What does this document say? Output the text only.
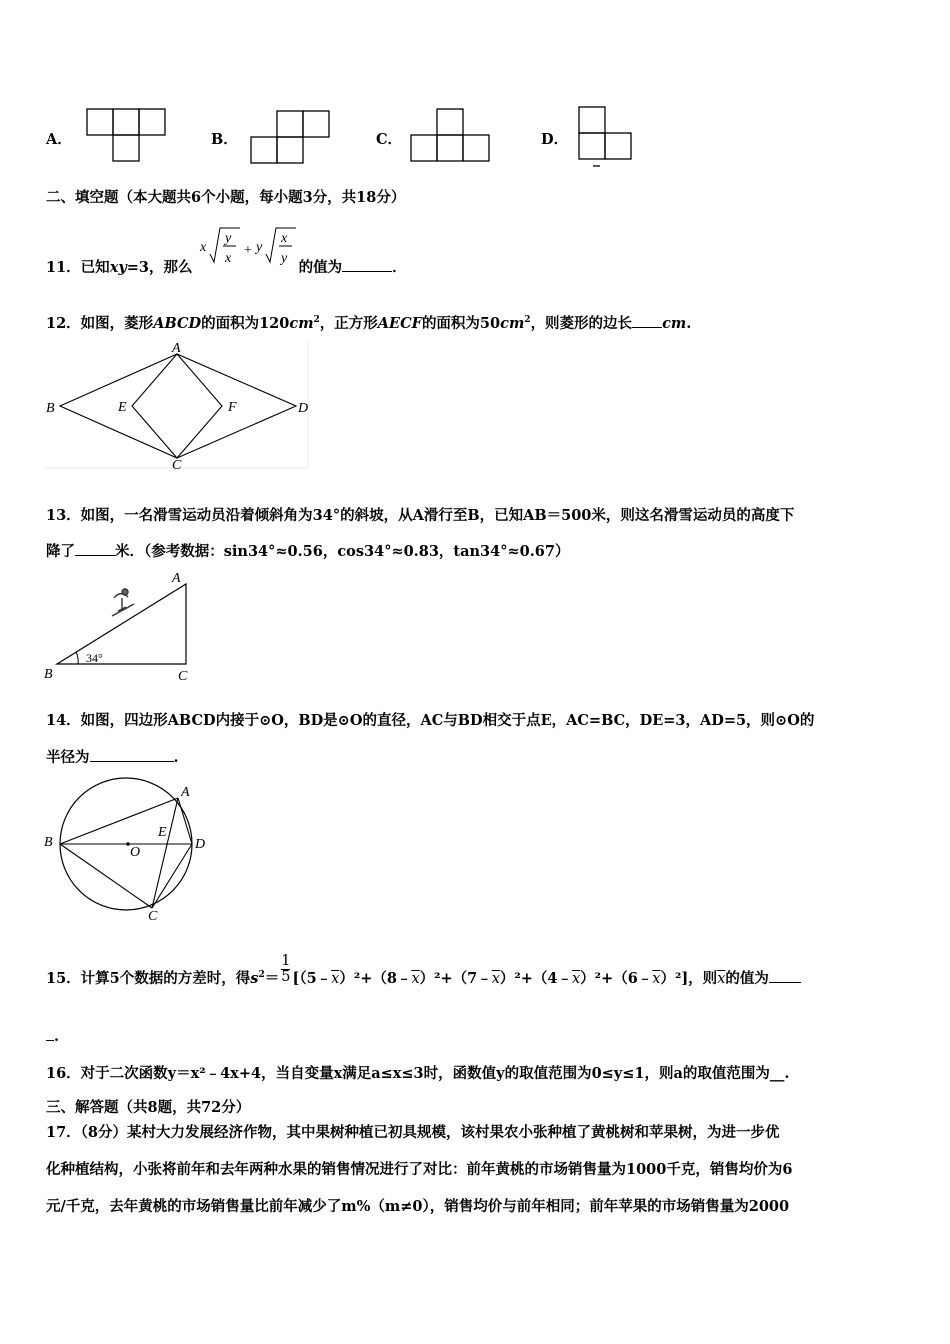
A．	B．	C．	D．
二、填空题（本大题共6个小题，每小题3分，共18分）
11．已知xy=3，那么
x
y
x
+ y
x
y
的值为	．
12．如图，菱形ABCD的面积为$120cm^2$，正方形AECF的面积为$50cm^2$，则菱形的边长 cm.
A
B
C
D
E	F
13．如图，一名滑雪运动员沿着倾斜角为34°的斜坡，从A滑行至B，已知AB＝500米，则这名滑雪运动员的高度下
降了	米．（参考数据：sin34°≈0.56，cos34°≈0.83，tan34°≈0.67）
A
B	C
34°
14．如图，四边形ABCD内接于⊙O，BD是⊙O的直径，AC与BD相交于点E，AC=BC，DE=3，AD=5，则⊙O的
半径为	.
A
B
C
D
E
O
15．计算5个数据的方差时，得$s^2= \frac{1}{5}$ $[(5﹣\overline{x})^2+(8﹣\overline{x})^2+(7﹣\overline{x})^2+(4﹣\overline{x})^2+(6﹣\overline{x})^2]$，则$\overline{x}$的值为
.
16．对于二次函数y＝x²﹣4x+4，当自变量x满足a≤x≤3时，函数值y的取值范围为0≤y≤1，则a的取值范围为__.
三、解答题（共8题，共72分）
17．（8分）某村大力发展经济作物，其中果树种植已初具规模，该村果农小张种植了黄桃树和苹果树，为进一步优
化种植结构，小张将前年和去年两种水果的销售情况进行了对比：前年黄桃的市场销售量为1000千克，销售均价为6
元/千克，去年黄桃的市场销售量比前年减少了m%（m≠0），销售均价与前年相同；前年苹果的市场销售量为2000
